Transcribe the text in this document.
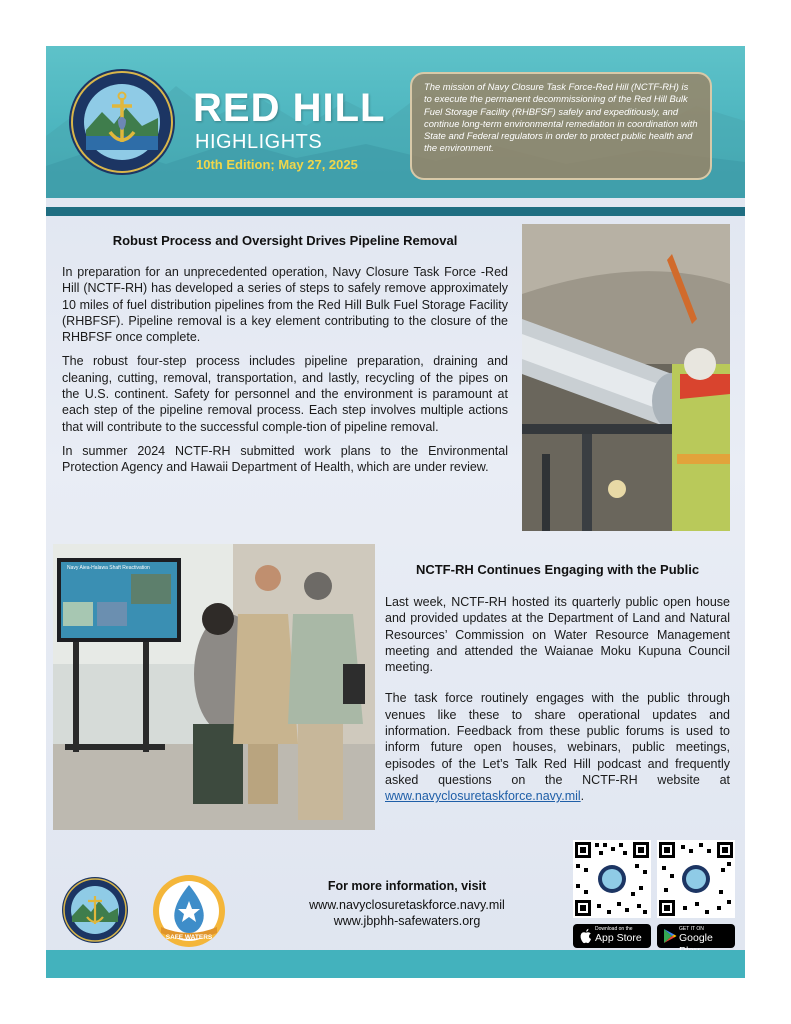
RED HILL
HIGHLIGHTS
10th Edition; May 27, 2025
The mission of Navy Closure Task Force-Red Hill (NCTF-RH) is to execute the permanent decommissioning of the Red Hill Bulk Fuel Storage Facility (RHBFSF) safely and expeditiously, and continue long-term environmental remediation in coordination with State and Federal regulators in order to protect public health and the environment.
Robust Process and Oversight Drives Pipeline Removal

In preparation for an unprecedented operation, Navy Closure Task Force -Red Hill (NCTF-RH) has developed a series of steps to safely remove approximately 10 miles of fuel distribution pipelines from the Red Hill Bulk Fuel Storage Facility (RHBFSF). Pipeline removal is a key element contributing to the closure of the RHBFSF once complete.

The robust four-step process includes pipeline preparation, draining and cleaning, cutting, removal, transportation, and lastly, recycling of the pipes on the U.S. continent. Safety for personnel and the environment is paramount at each step of the pipeline removal process. Each step involves multiple actions that will contribute to the successful comple-tion of pipeline removal.

In summer 2024 NCTF-RH submitted work plans to the Environmental Protection Agency and Hawaii Department of Health, which are under review.

Navy Aiea-Halawa Shaft Reactivation	NCTF-RH Continues Engaging with the Public

Last week, NCTF-RH hosted its quarterly public open house and provided updates at the Department of Land and Natural Resources’ Commission on Water Resource Management meeting and attended the Waianae Moku Kupuna Council meeting.

The task force routinely engages with the public through venues like these to share operational updates and information. Feedback from these public forums is used to inform future open houses, webinars, public meetings, episodes of the Let’s Talk Red Hill podcast and frequently asked questions on the NCTF-RH website at www.navyclosuretaskforce.navy.mil.

SAFE WATERS
For more information, visit
www.navyclosuretaskforce.navy.mil
www.jbphh-safewaters.org
Download on the
App Store
GET IT ON
Google
